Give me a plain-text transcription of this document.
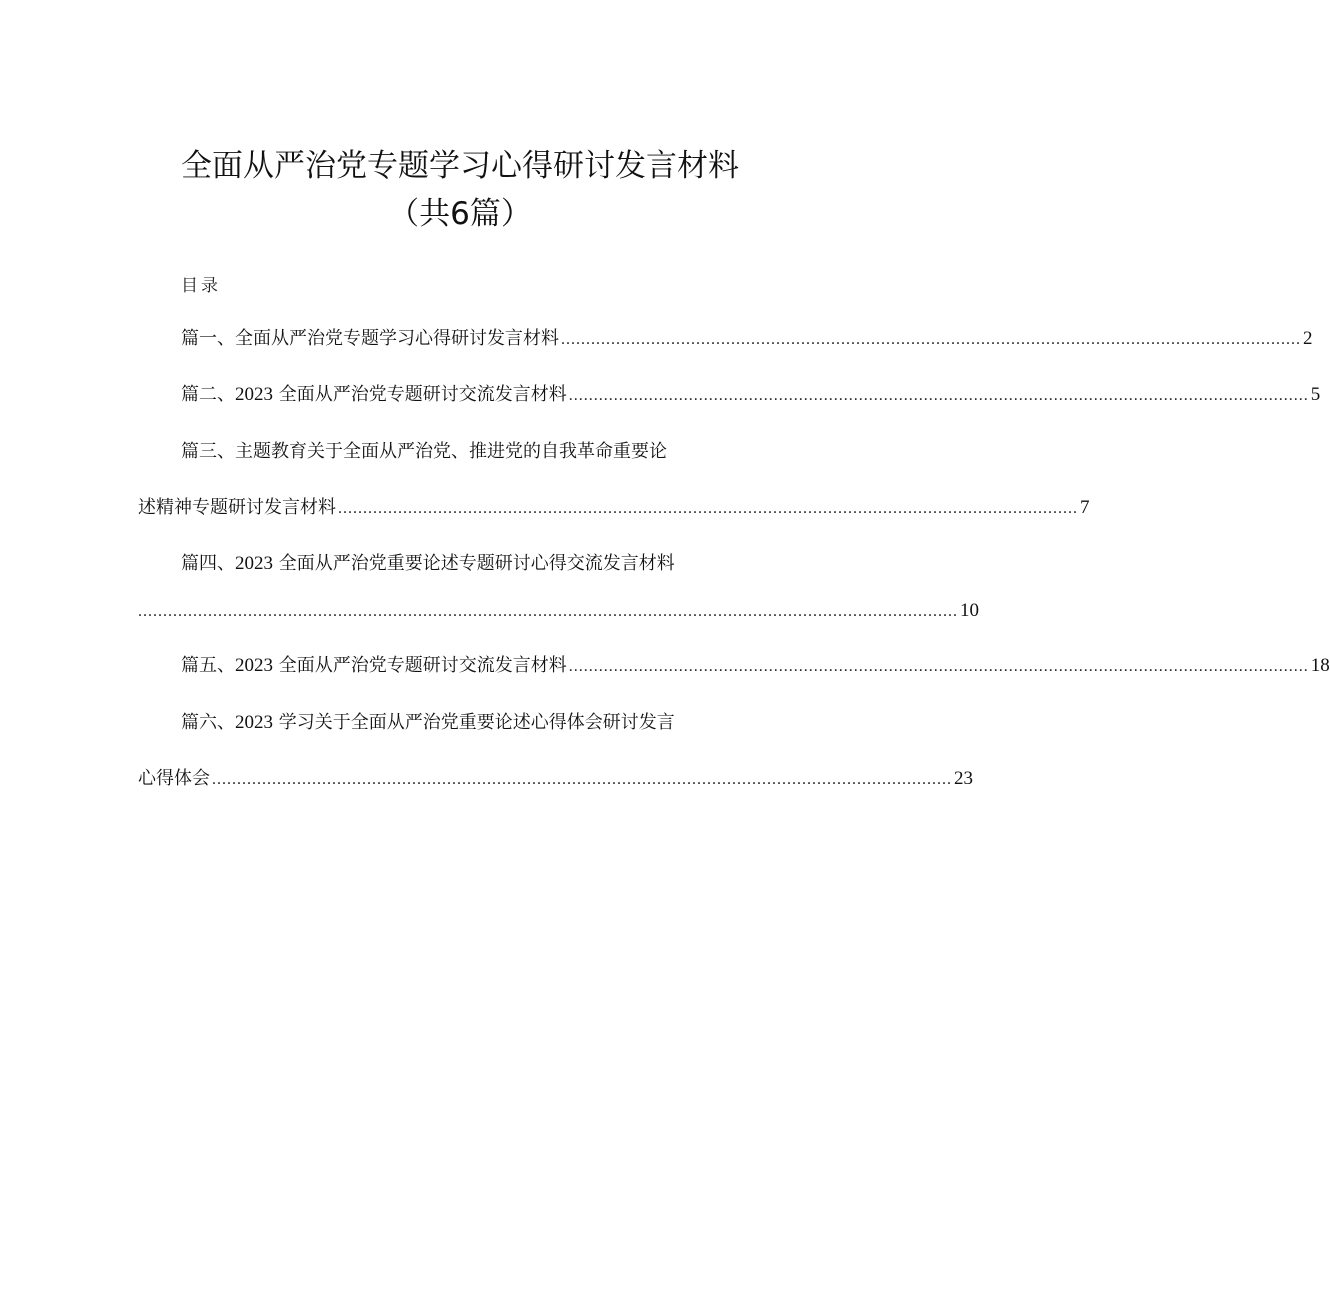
全面从严治党专题学习心得研讨发言材料
（共6篇）
目录
篇一、全面从严治党专题学习心得研讨发言材料 .................................................................................................................................................... 2
篇二、2023 全面从严治党专题研讨交流发言材料 .................................................................................................................................................... 5
篇三、主题教育关于全面从严治党、推进党的自我革命重要论
述精神专题研讨发言材料 .................................................................................................................................................... 7
篇四、2023 全面从严治党重要论述专题研讨心得交流发言材料
.................................................................................................................................................................... 10
篇五、2023 全面从严治党专题研讨交流发言材料 .................................................................................................................................................... 18
篇六、2023 学习关于全面从严治党重要论述心得体会研讨发言
心得体会 .................................................................................................................................................... 23
